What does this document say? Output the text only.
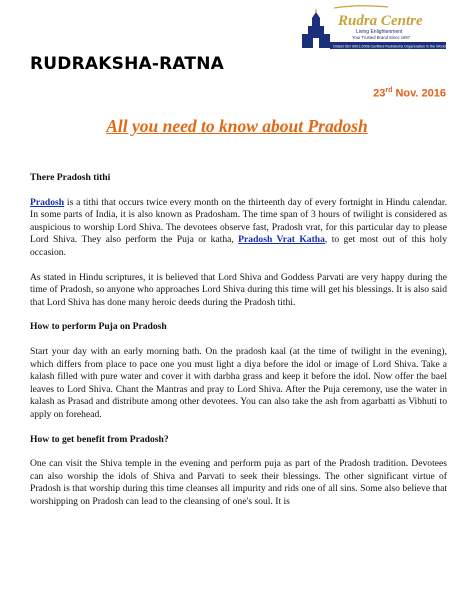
Rudra Centre
Living Enlightenment
Your Trusted Brand Since 1997
Oldest ISO 9001:2008 Certified Rudraksha Organization in the World
RUDRAKSHA-RATNA
23rd Nov. 2016
All you need to know about Pradosh
There Pradosh tithi

Pradosh is a tithi that occurs twice every month on the thirteenth day of every fortnight in Hindu calendar. In some parts of India, it is also known as Pradosham. The time span of 3 hours of twilight is considered as auspicious to worship Lord Shiva. The devotees observe fast, Pradosh vrat, for this particular day to please Lord Shiva. They also perform the Puja or katha, Pradosh Vrat Katha, to get most out of this holy occasion.

As stated in Hindu scriptures, it is believed that Lord Shiva and Goddess Parvati are very happy during the time of Pradosh, so anyone who approaches Lord Shiva during this time will get his blessings. It is also said that Lord Shiva has done many heroic deeds during the Pradosh tithi.

How to perform Puja on Pradosh

Start your day with an early morning bath. On the pradosh kaal (at the time of twilight in the evening), which differs from place to pace one you must light a diya before the idol or image of Lord Shiva. Take a kalash filled with pure water and cover it with darbha grass and keep it before the idol. Now offer the bael leaves to Lord Shiva. Chant the Mantras and pray to Lord Shiva. After the Puja ceremony, use the water in kalash as Prasad and distribute among other devotees. You can also take the ash from agarbatti as Vibhuti to apply on forehead.

How to get benefit from Pradosh?

One can visit the Shiva temple in the evening and perform puja as part of the Pradosh tradition. Devotees can also worship the idols of Shiva and Parvati to seek their blessings. The other significant virtue of Pradosh is that worship during this time cleanses all impurity and rids one of all sins. Some also believe that worshipping on Pradosh can lead to the cleansing of one's soul. It is
